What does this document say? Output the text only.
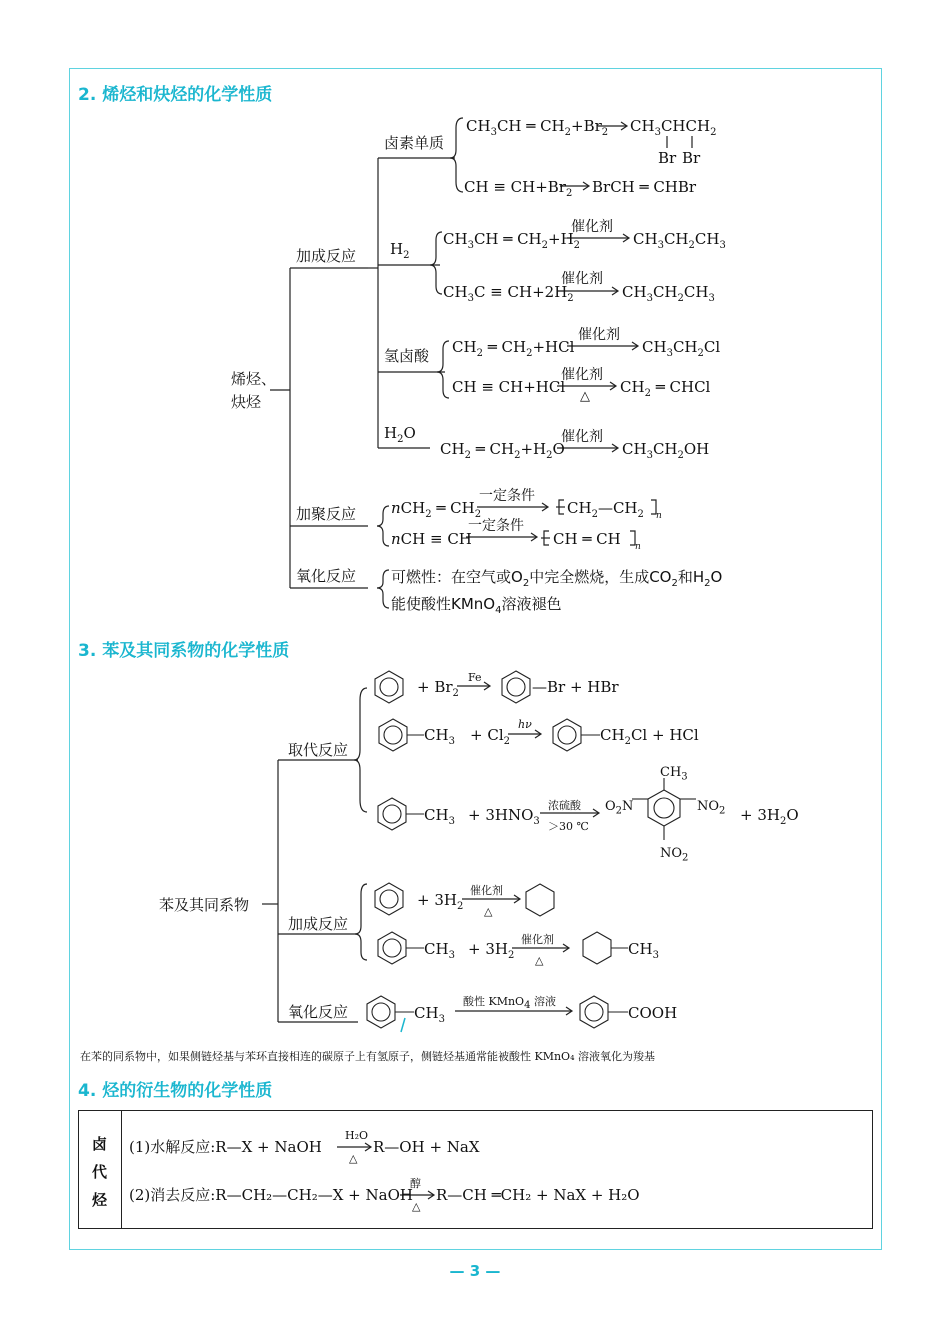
2. 烯烃和炔烃的化学性质
3. 苯及其同系物的化学性质
4. 烃的衍生物的化学性质
烯烃、
炔烃
加成反应
加聚反应
氧化反应
卤素单质
$H_2$
氢卤酸
$H_2O$
$CH_3CH$ ═ $CH_2+Br_2$ $CH_3CHCH_2$
Br Br
CH ≡ $CH+Br_2$ BrCH ═ CHBr
$CH_3CH$ ═ $CH_2+H_2$
催化剂
$CH_3CH_2CH_3$
$CH_3C \equiv CH+2H_2$
催化剂
$CH_3CH_2CH_3$
$CH_2$ ═ $CH_2+HCl$
催化剂
$CH_3CH_2Cl$
CH ≡ CH+HCl
催化剂
△
$CH_2$ ═ CHCl
$CH_2$ ═ $CH_2+H_2O$
催化剂
$CH_3CH_2OH$
nCH$_2$ ═ $CH_2$
一定条件
$CH_2—CH_2$ n
nCH ≡ CH
一定条件
CH ═ CH n
可燃性：在空气或$O_2$中完全燃烧，生成$CO_2$和$H_2O$
能使酸性KMnO$_4$溶液褪色
苯及其同系物
取代反应
加成反应
氧化反应
+ $Br_2$
Fe
—Br + HBr
$CH_3 + Cl_2$
hν
$CH_2Cl$ + HCl
$CH_3 + 3HNO_3$
浓硫酸
＞30 ℃
$CH_3$
$O_2N$	$NO_2$
$NO_2$
+ $3H_2O$
+ $3H_2$
催化剂
△
$CH_3 + 3H_2$
催化剂
△
$CH_3$
$CH_3$
酸性 KMnO$_4$ 溶液
COOH
在苯的同系物中，如果侧链烃基与苯环直接相连的碳原子上有氢原子，侧链烃基通常能被酸性 KMnO₄ 溶液氧化为羧基
卤
代
烃
(1)水解反应:R—X + NaOH
H₂O
△
R—OH + NaX
(2)消去反应:R—CH₂—CH₂—X + NaOH
醇
△
R—CH ═CH₂ + NaX + H₂O
— 3 —
